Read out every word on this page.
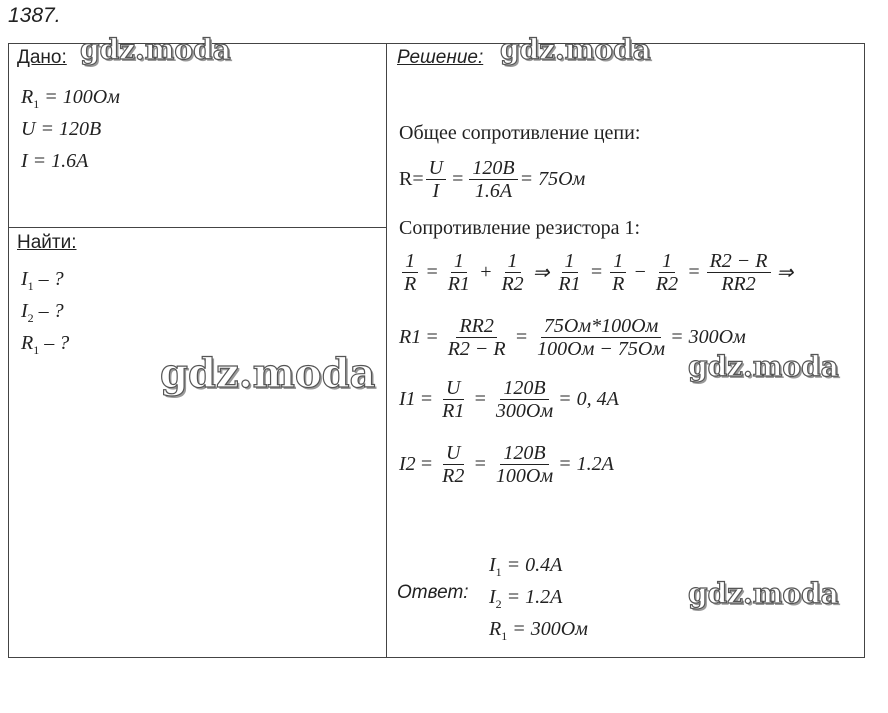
1387.
Дано:
$R_1 = 100Ом$
U = 120В
I = 1.6А
Найти:
$I_1$ – ?
$I_2$ – ?
$R_1$ – ?
Решение:
Общее сопротивление цепи:
$R= \frac{U}{I} = \frac{120В}{1.6А} = 75Ом$
Сопротивление резистора 1:
$\frac{1}{R} = \frac{1}{R1} + \frac{1}{R2}$ ⇒ $\frac{1}{R1} = \frac{1}{R} - \frac{1}{R2} = \frac{R2 - R}{RR2}$ ⇒
$R1 = \frac{RR2}{R2 - R} = \frac{75Ом*100Ом}{100Ом - 75Ом} = 300Ом$
$I1 = \frac{U}{R1} = \frac{120В}{300Ом} = 0$, 4А
$I2 = \frac{U}{R2} = \frac{120В}{100Ом} = 1.2А$
Ответ:
$I_1 = 0.4А$
$I_2 = 1.2А$
$R_1 = 300Ом$
gdz.moda	gdz.moda
gdz.moda	gdz.moda
gdz.moda
